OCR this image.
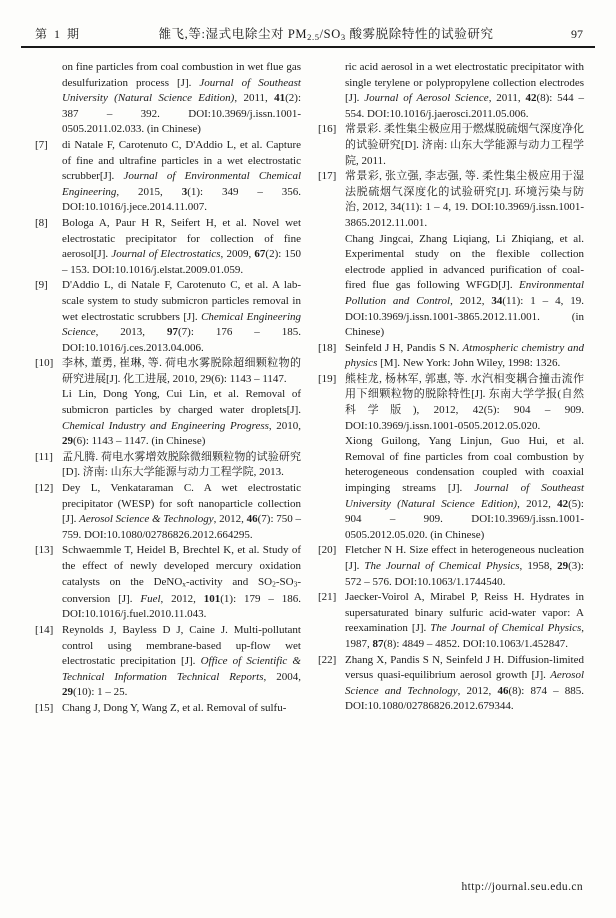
第 1 期	雒飞,等:湿式电除尘对 PM2.5/SO3 酸雾脱除特性的试验研究	97
on fine particles from coal combustion in wet flue gas desulfurization process [J]. Journal of Southeast University (Natural Science Edition), 2011, 41(2): 387 – 392. DOI:10.3969/j.issn.1001-0505.2011.02.033. (in Chinese)
[7]	di Natale F, Carotenuto C, D'Addio L, et al. Capture of fine and ultrafine particles in a wet electrostatic scrubber[J]. Journal of Environmental Chemical Engineering, 2015, 3(1): 349 – 356. DOI:10.1016/j.jece.2014.11.007.
[8]	Bologa A, Paur H R, Seifert H, et al. Novel wet electrostatic precipitator for collection of fine aerosol[J]. Journal of Electrostatics, 2009, 67(2): 150 – 153. DOI:10.1016/j.elstat.2009.01.059.
[9]	D'Addio L, di Natale F, Carotenuto C, et al. A lab-scale system to study submicron particles removal in wet electrostatic scrubbers [J]. Chemical Engineering Science, 2013, 97(7): 176 – 185. DOI:10.1016/j.ces.2013.04.006.
[10] 李林, 董勇, 崔琳, 等. 荷电水雾脱除超细颗粒物的研究进展[J]. 化工进展, 2010, 29(6): 1143 – 1147.
Li Lin, Dong Yong, Cui Lin, et al. Removal of submicron particles by charged water droplets[J]. Chemical Industry and Engineering Progress, 2010, 29(6): 1143 – 1147. (in Chinese)
[11] 孟凡腾. 荷电水雾增效脱除微细颗粒物的试验研究[D]. 济南: 山东大学能源与动力工程学院, 2013.
[12] Dey L, Venkataraman C. A wet electrostatic precipitator (WESP) for soft nanoparticle collection [J]. Aerosol Science & Technology, 2012, 46(7): 750 – 759. DOI:10.1080/02786826.2012.664295.
[13] Schwaemmle T, Heidel B, Brechtel K, et al. Study of the effect of newly developed mercury oxidation catalysts on the DeNOx-activity and SO2-SO3-conversion [J]. Fuel, 2012, 101(1): 179 – 186. DOI:10.1016/j.fuel.2010.11.043.
[14] Reynolds J, Bayless D J, Caine J. Multi-pollutant control using membrane-based up-flow wet electrostatic precipitation [J]. Office of Scientific & Technical Information Technical Reports, 2004, 29(10): 1 – 25.
[15] Chang J, Dong Y, Wang Z, et al. Removal of sulfu-
ric acid aerosol in a wet electrostatic precipitator with single terylene or polypropylene collection electrodes [J]. Journal of Aerosol Science, 2011, 42(8): 544 – 554. DOI:10.1016/j.jaerosci.2011.05.006.
[16] 常景彩. 柔性集尘极应用于燃煤脱硫烟气深度净化的试验研究[D]. 济南: 山东大学能源与动力工程学院, 2011.
[17] 常景彩, 张立强, 李志强, 等. 柔性集尘极应用于湿法脱硫烟气深度化的试验研究[J]. 环境污染与防治, 2012, 34(11): 1 – 4, 19. DOI:10.3969/j.issn.1001-3865.2012.11.001.
Chang Jingcai, Zhang Liqiang, Li Zhiqiang, et al. Experimental study on the flexible collection electrode applied in advanced purification of coal-fired flue gas following WFGD[J]. Environmental Pollution and Control, 2012, 34(11): 1 – 4, 19. DOI:10.3969/j.issn.1001-3865.2012.11.001. (in Chinese)
[18] Seinfeld J H, Pandis S N. Atmospheric chemistry and physics [M]. New York: John Wiley, 1998: 1326.
[19] 熊桂龙, 杨林军, 郭惠, 等. 水汽相变耦合撞击流作用下细颗粒物的脱除特性[J]. 东南大学学报(自然科学版), 2012, 42(5): 904 – 909. DOI:10.3969/j.issn.1001-0505.2012.05.020.
Xiong Guilong, Yang Linjun, Guo Hui, et al. Removal of fine particles from coal combustion by heterogeneous condensation coupled with coaxial impinging streams [J]. Journal of Southeast University (Natural Science Edition), 2012, 42(5): 904 – 909. DOI:10.3969/j.issn.1001-0505.2012.05.020. (in Chinese)
[20] Fletcher N H. Size effect in heterogeneous nucleation [J]. The Journal of Chemical Physics, 1958, 29(3): 572 – 576. DOI:10.1063/1.1744540.
[21] Jaecker-Voirol A, Mirabel P, Reiss H. Hydrates in supersaturated binary sulfuric acid-water vapor: A reexamination [J]. The Journal of Chemical Physics, 1987, 87(8): 4849 – 4852. DOI:10.1063/1.452847.
[22] Zhang X, Pandis S N, Seinfeld J H. Diffusion-limited versus quasi-equilibrium aerosol growth [J]. Aerosol Science and Technology, 2012, 46(8): 874 – 885. DOI:10.1080/02786826.2012.679344.
http://journal.seu.edu.cn
